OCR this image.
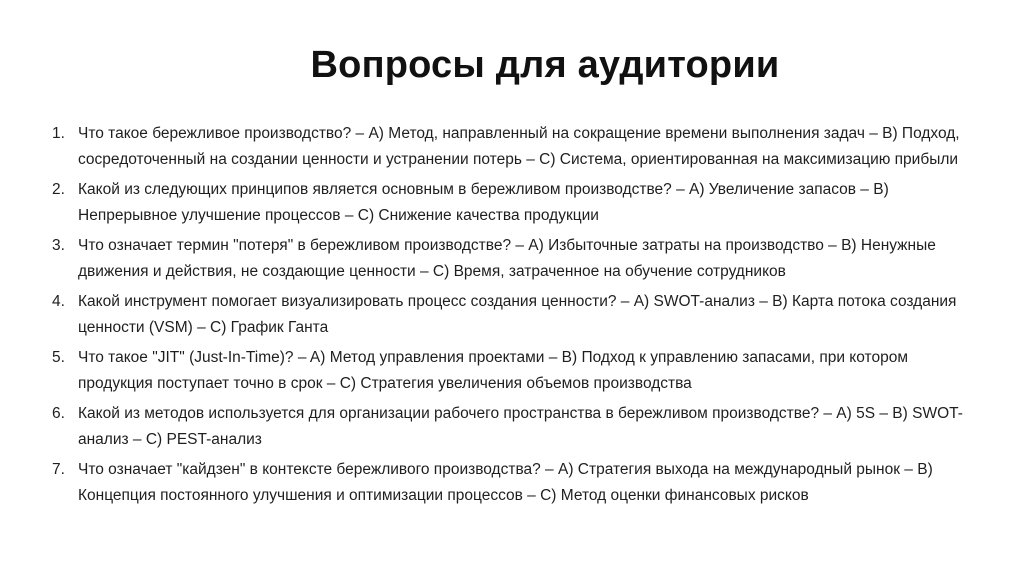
Вопросы для аудитории
1. Что такое бережливое производство? – A) Метод, направленный на сокращение времени выполнения задач – B) Подход, сосредоточенный на создании ценности и устранении потерь – C) Система, ориентированная на максимизацию прибыли
2. Какой из следующих принципов является основным в бережливом производстве? – A) Увеличение запасов – B) Непрерывное улучшение процессов – C) Снижение качества продукции
3. Что означает термин "потеря" в бережливом производстве? – A) Избыточные затраты на производство – B) Ненужные движения и действия, не создающие ценности – C) Время, затраченное на обучение сотрудников
4. Какой инструмент помогает визуализировать процесс создания ценности? – A) SWOT-анализ – B) Карта потока создания ценности (VSM) – C) График Ганта
5. Что такое "JIT" (Just-In-Time)? – A) Метод управления проектами – B) Подход к управлению запасами, при котором продукция поступает точно в срок – C) Стратегия увеличения объемов производства
6. Какой из методов используется для организации рабочего пространства в бережливом производстве? – A) 5S – B) SWOT-анализ – C) PEST-анализ
7. Что означает "кайдзен" в контексте бережливого производства? – A) Стратегия выхода на международный рынок – B) Концепция постоянного улучшения и оптимизации процессов – C) Метод оценки финансовых рисков
